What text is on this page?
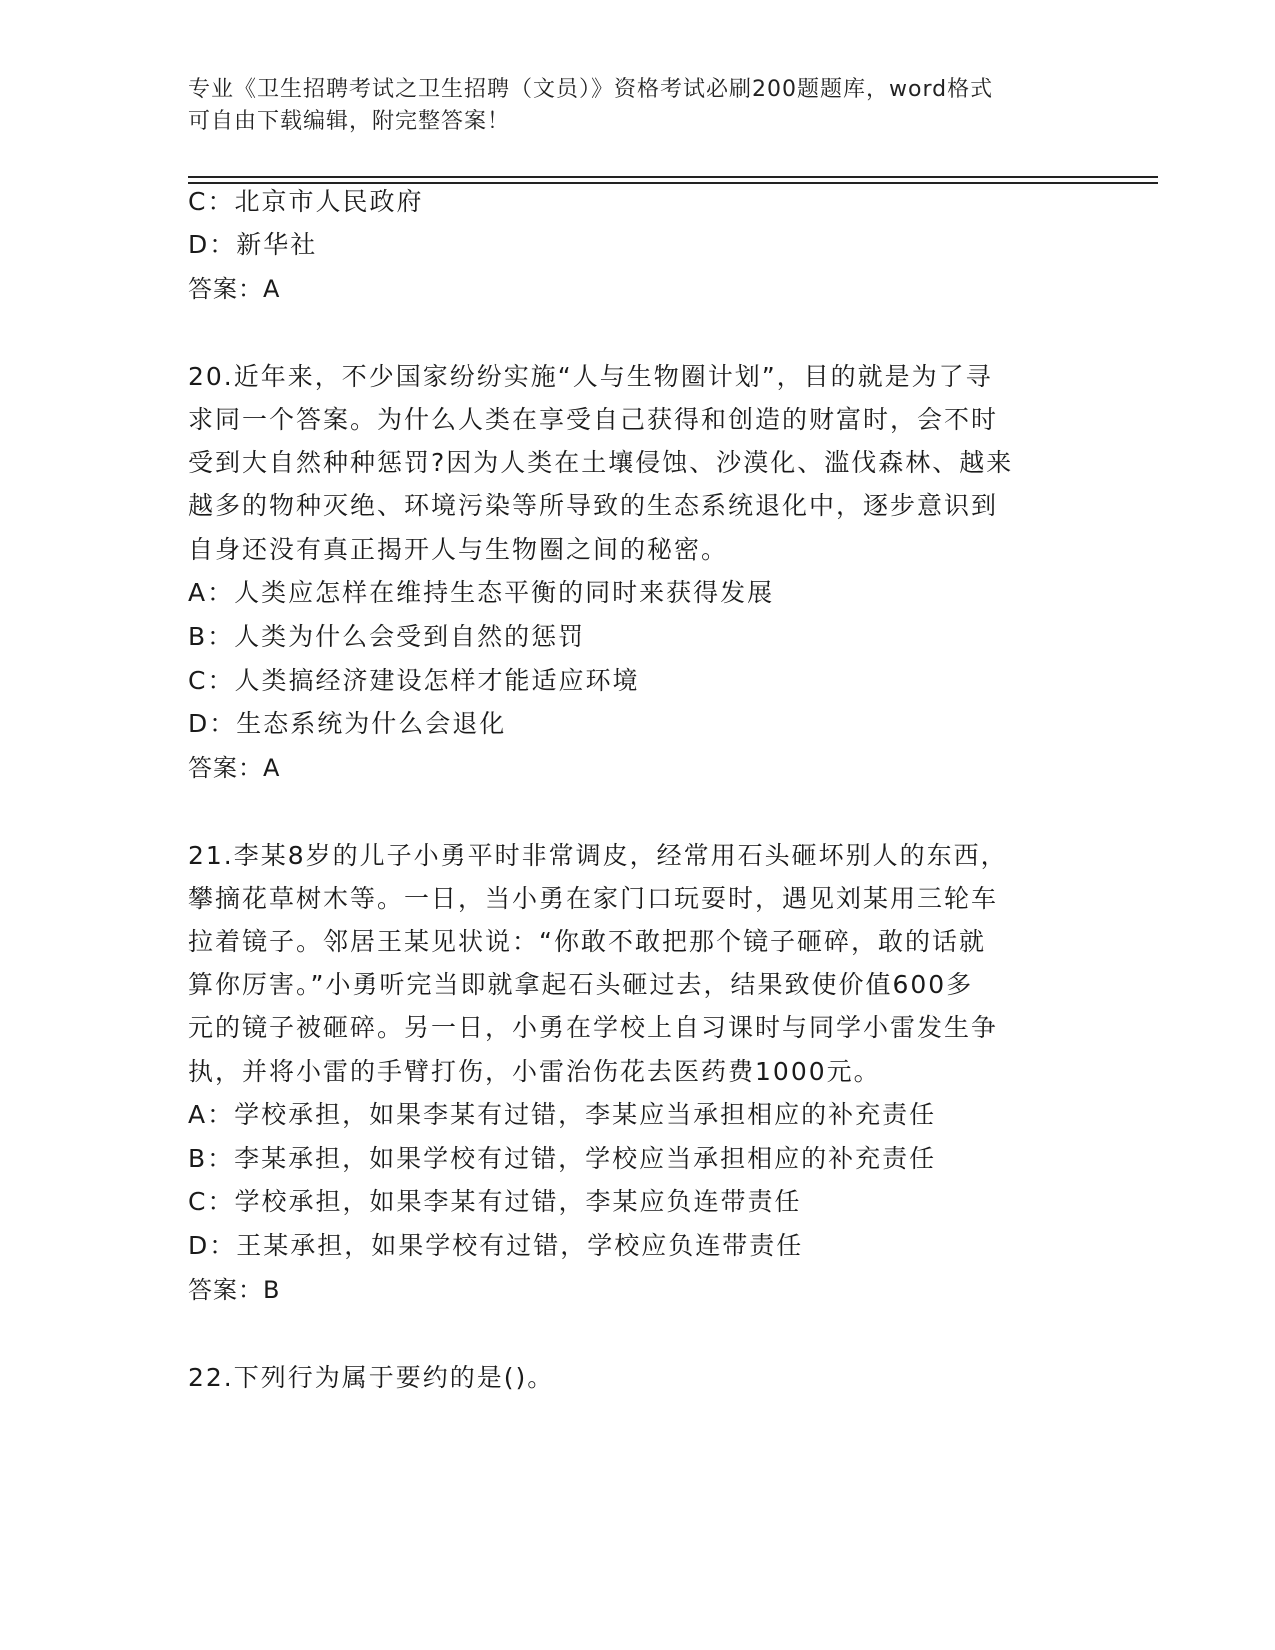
专业《卫生招聘考试之卫生招聘（文员）》资格考试必刷200题题库，word格式
可自由下载编辑，附完整答案！
C：北京市人民政府
D：新华社
答案：A
20.近年来，不少国家纷纷实施“人与生物圈计划”，目的就是为了寻
求同一个答案。为什么人类在享受自己获得和创造的财富时，会不时
受到大自然种种惩罚?因为人类在土壤侵蚀、沙漠化、滥伐森林、越来
越多的物种灭绝、环境污染等所导致的生态系统退化中，逐步意识到
自身还没有真正揭开人与生物圈之间的秘密。
A：人类应怎样在维持生态平衡的同时来获得发展
B：人类为什么会受到自然的惩罚
C：人类搞经济建设怎样才能适应环境
D：生态系统为什么会退化
答案：A
21.李某8岁的儿子小勇平时非常调皮，经常用石头砸坏别人的东西，
攀摘花草树木等。一日，当小勇在家门口玩耍时，遇见刘某用三轮车
拉着镜子。邻居王某见状说：“你敢不敢把那个镜子砸碎，敢的话就
算你厉害。”小勇听完当即就拿起石头砸过去，结果致使价值600多
元的镜子被砸碎。另一日，小勇在学校上自习课时与同学小雷发生争
执，并将小雷的手臂打伤，小雷治伤花去医药费1000元。
A：学校承担，如果李某有过错，李某应当承担相应的补充责任
B：李某承担，如果学校有过错，学校应当承担相应的补充责任
C：学校承担，如果李某有过错，李某应负连带责任
D：王某承担，如果学校有过错，学校应负连带责任
答案：B
22.下列行为属于要约的是()。
